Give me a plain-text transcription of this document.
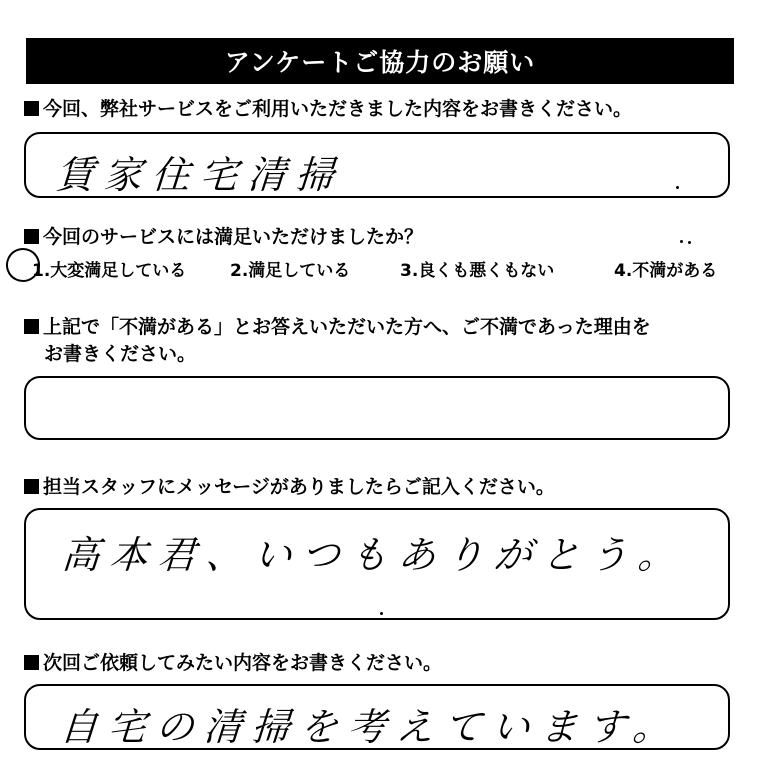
アンケートご協力のお願い
今回、弊社サービスをご利用いただきました内容をお書きください。
賃家住宅清掃
今回のサービスには満足いただけましたか？
1.大変満足している	2.満足している	3.良くも悪くもない	4.不満がある
上記で「不満がある」とお答えいただいた方へ、ご不満であった理由を
お書きください。
担当スタッフにメッセージがありましたらご記入ください。
高本君、いつもありがとう。
次回ご依頼してみたい内容をお書きください。
自宅の清掃を考えています。
